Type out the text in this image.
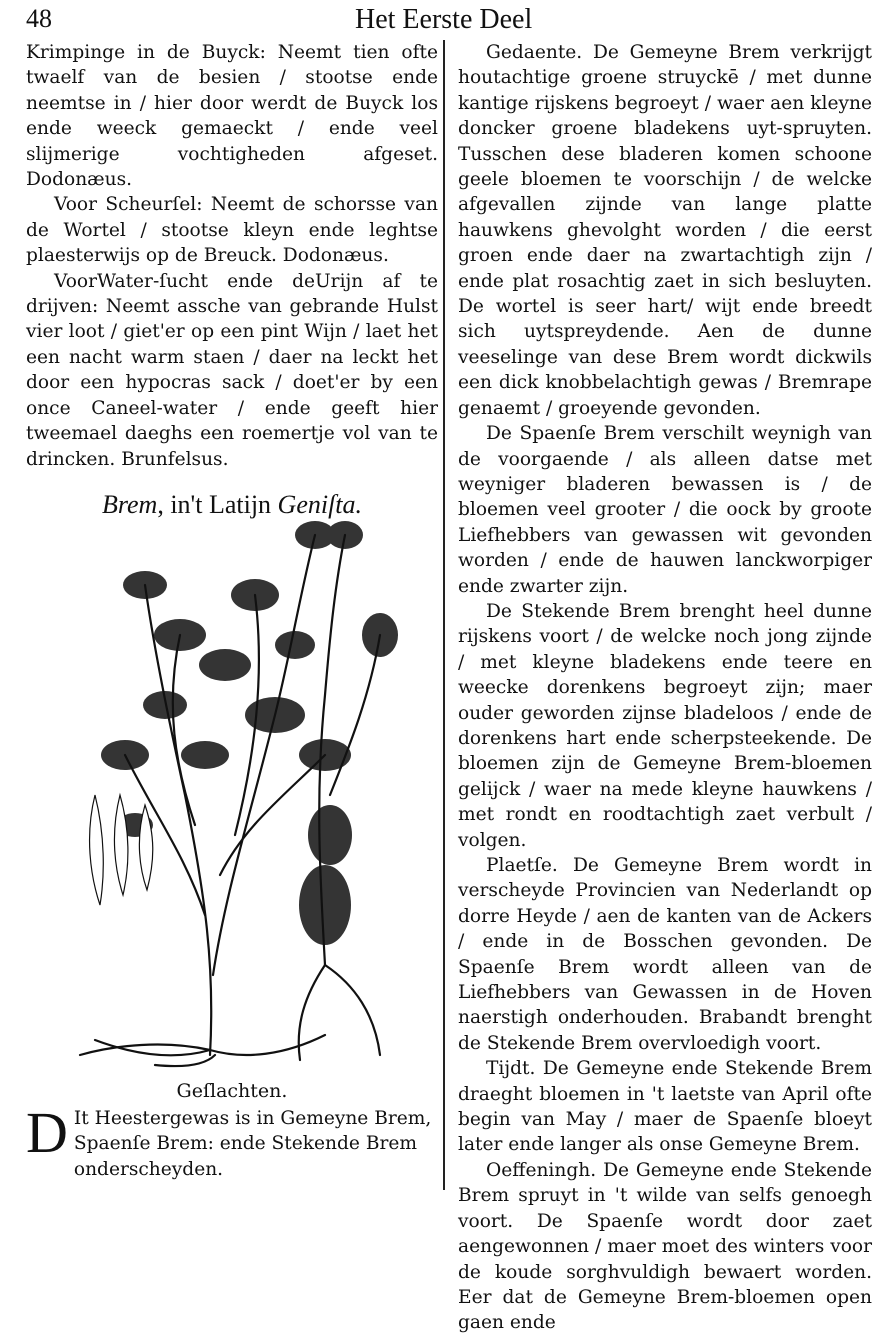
48	Het Eerste Deel

Krimpinge in de Buyck: Neemt tien ofte twaelf van de besien / stootse ende neemtse in / hier door werdt de Buyck los ende weeck gemaeckt / ende veel slijmerige vochtigheden afgeset. Dodonæus.

Voor Scheurſel: Neemt de schorsse van de Wortel / stootse kleyn ende leghtse plaesterwijs op de Breuck. Dodonæus.

VoorWater-ſucht ende deUrijn af te drijven: Neemt assche van gebrande Hulst vier loot / giet'er op een pint Wijn / laet het een nacht warm staen / daer na leckt het door een hypocras sack / doet'er by een once Caneel-water / ende geeft hier tweemael daeghs een roemertje vol van te drincken. Brunfelsus.

Brem, in't Latijn Geniſta.
Geſlachten.
D It Heestergewas is in Gemeyne Brem, Spaenſe Brem: ende Stekende Brem onderscheyden.

Gedaente. De Gemeyne Brem verkrijgt houtachtige groene struyckē / met dunne kantige rijskens begroeyt / waer aen kleyne doncker groene bladekens uyt-spruyten. Tusschen dese bladeren komen schoone geele bloemen te voorschijn / de welcke afgevallen zijnde van lange platte hauwkens ghevolght worden / die eerst groen ende daer na zwartachtigh zijn / ende plat rosachtig zaet in sich besluyten. De wortel is seer hart/ wijt ende breedt sich uytspreydende. Aen de dunne veeselinge van dese Brem wordt dickwils een dick knobbelachtigh gewas / Bremrape genaemt / groeyende gevonden.

De Spaenſe Brem verschilt weynigh van de voorgaende / als alleen datse met weyniger bladeren bewassen is / de bloemen veel grooter / die oock by groote Liefhebbers van gewassen wit gevonden worden / ende de hauwen lanckworpiger ende zwarter zijn.

De Stekende Brem brenght heel dunne rijskens voort / de welcke noch jong zijnde / met kleyne bladekens ende teere en weecke dorenkens begroeyt zijn; maer ouder geworden zijnse bladeloos / ende de dorenkens hart ende scherpsteekende. De bloemen zijn de Gemeyne Brem-bloemen gelijck / waer na mede kleyne hauwkens / met rondt en roodtachtigh zaet verbult / volgen.

Plaetſe. De Gemeyne Brem wordt in verscheyde Provincien van Nederlandt op dorre Heyde / aen de kanten van de Ackers / ende in de Bosschen gevonden. De Spaenſe Brem wordt alleen van de Liefhebbers van Gewassen in de Hoven naerstigh onderhouden. Brabandt brenght de Stekende Brem overvloedigh voort.

Tijdt. De Gemeyne ende Stekende Brem draeght bloemen in 't laetste van April ofte begin van May / maer de Spaenſe bloeyt later ende langer als onse Gemeyne Brem.

Oeffeningh. De Gemeyne ende Stekende Brem spruyt in 't wilde van selfs genoegh voort. De Spaenſe wordt door zaet aengewonnen / maer moet des winters voor de koude sorghvuldigh bewaert worden. Eer dat de Gemeyne Brem-bloemen open gaen ende
